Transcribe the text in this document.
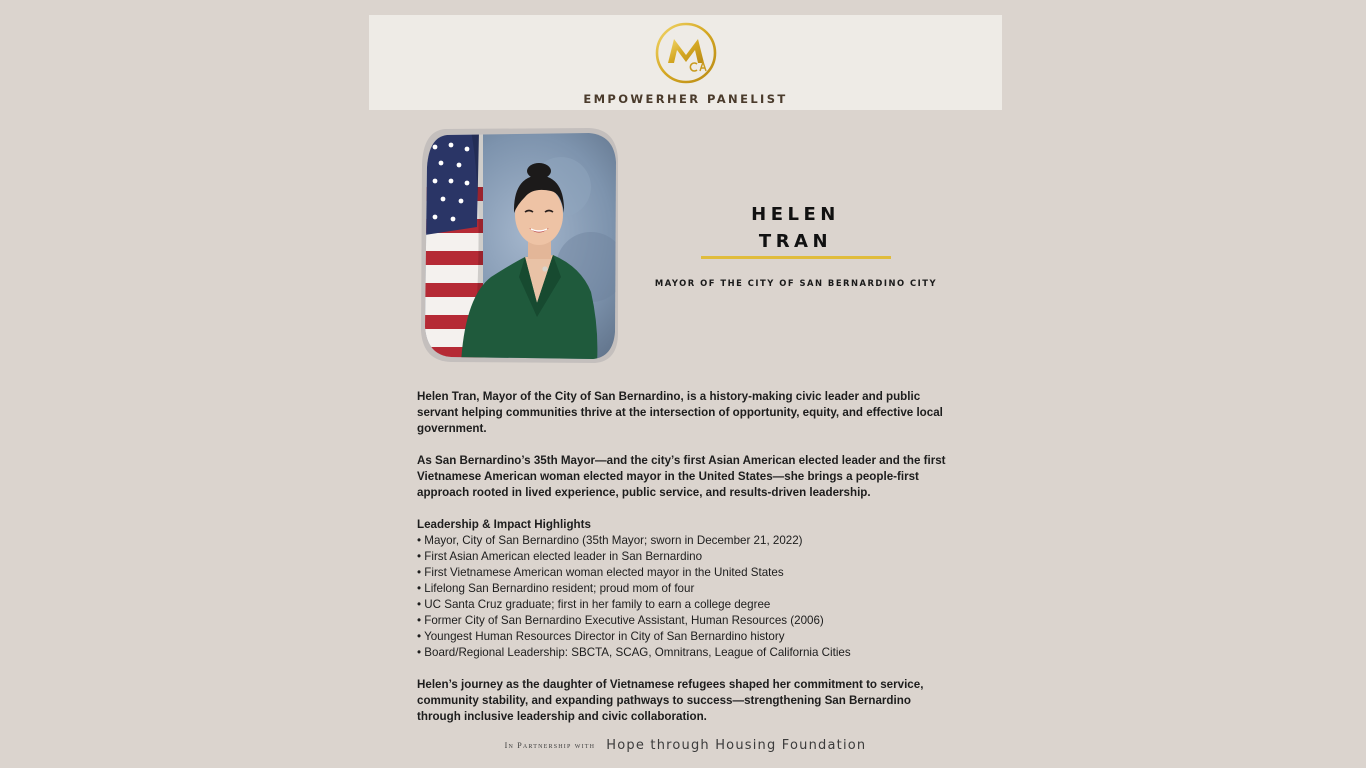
EMPOWERHER PANELIST
HELEN
TRAN
MAYOR OF THE CITY OF SAN BERNARDINO CITY

Helen Tran, Mayor of the City of San Bernardino, is a history-making civic leader and public servant helping communities thrive at the intersection of opportunity, equity, and effective local government.

As San Bernardino’s 35th Mayor—and the city’s first Asian American elected leader and the first Vietnamese American woman elected mayor in the United States—she brings a people-first approach rooted in lived experience, public service, and results-driven leadership.

Leadership & Impact Highlights
• Mayor, City of San Bernardino (35th Mayor; sworn in December 21, 2022)
• First Asian American elected leader in San Bernardino
• First Vietnamese American woman elected mayor in the United States
• Lifelong San Bernardino resident; proud mom of four
• UC Santa Cruz graduate; first in her family to earn a college degree
• Former City of San Bernardino Executive Assistant, Human Resources (2006)
• Youngest Human Resources Director in City of San Bernardino history
• Board/Regional Leadership: SBCTA, SCAG, Omnitrans, League of California Cities

Helen’s journey as the daughter of Vietnamese refugees shaped her commitment to service, community stability, and expanding pathways to success—strengthening San Bernardino through inclusive leadership and civic collaboration.

In Partnership with Hope through Housing Foundation
